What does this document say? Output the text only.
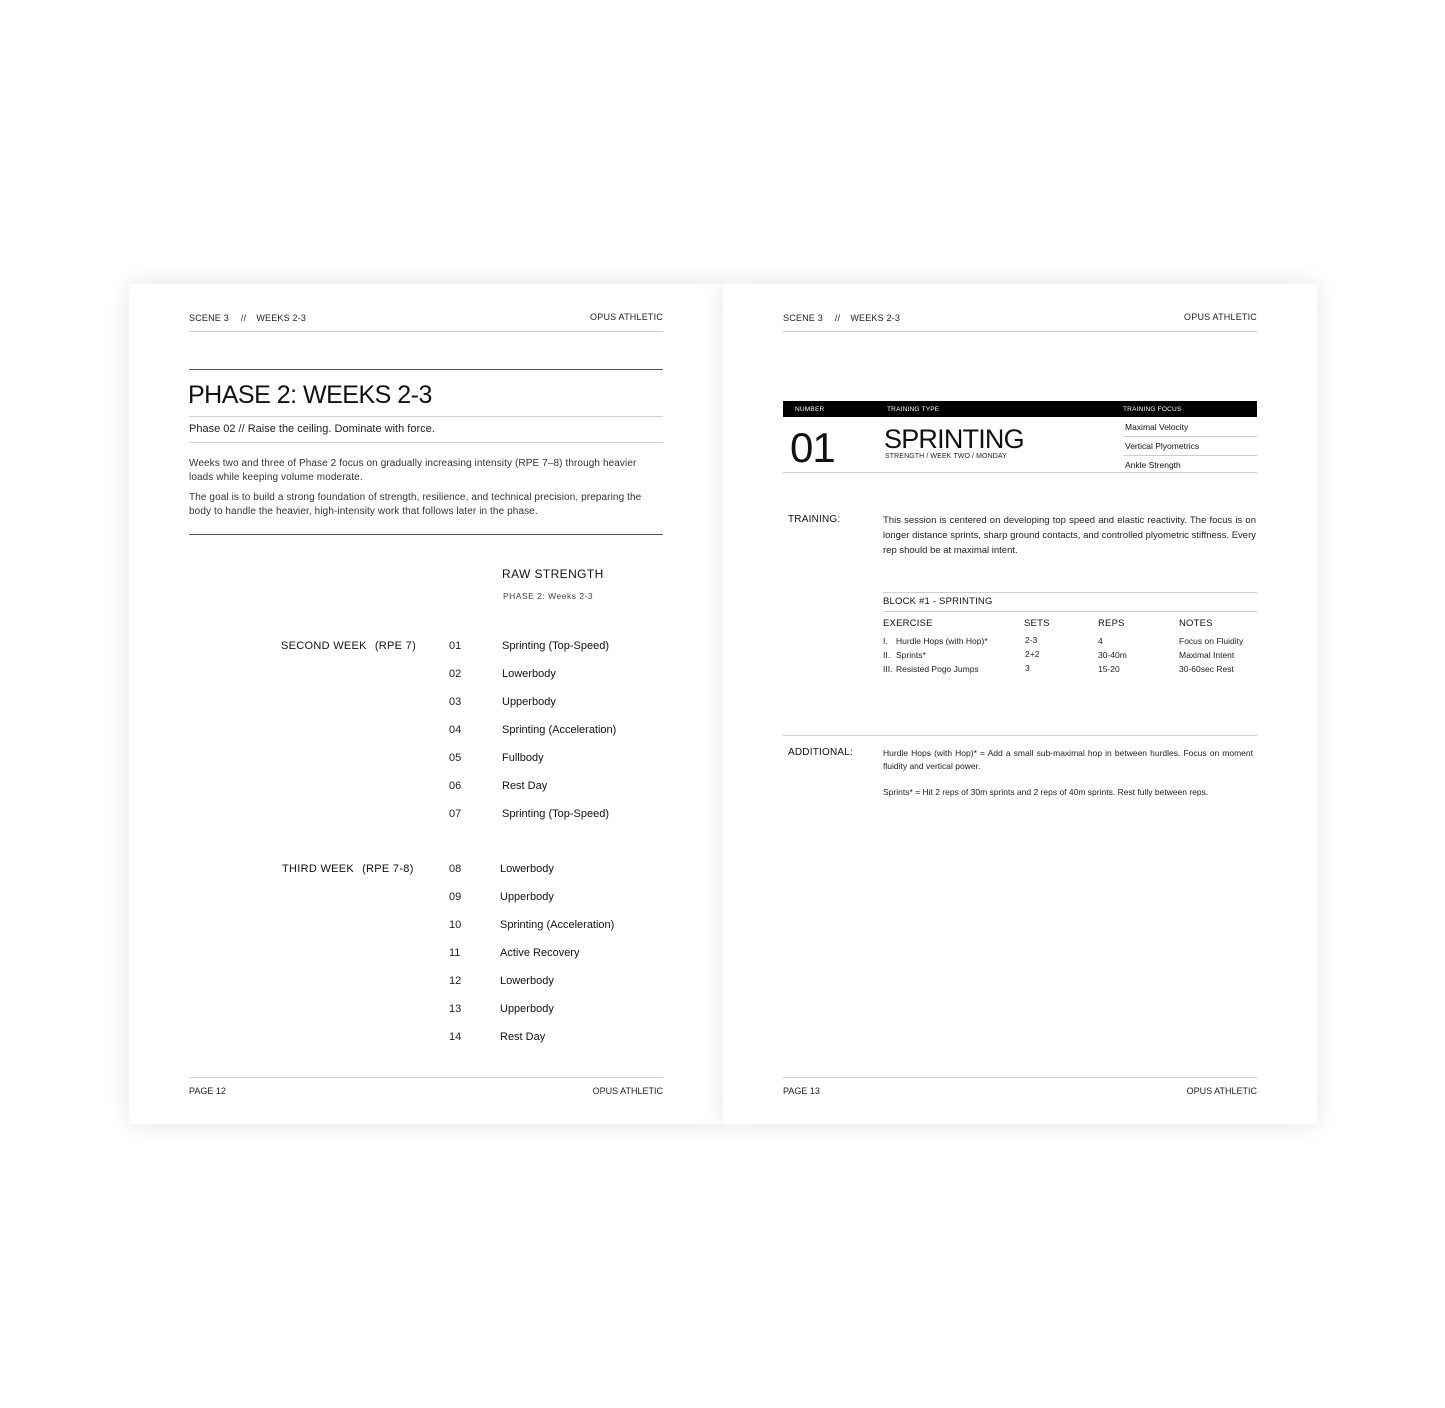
SCENE 3 // WEEKS 2-3	OPUS ATHLETIC
PHASE 2: WEEKS 2-3
Phase 02 // Raise the ceiling. Dominate with force.

Weeks two and three of Phase 2 focus on gradually increasing intensity (RPE 7–8) through heavier loads while keeping volume moderate.

The goal is to build a strong foundation of strength, resilience, and technical precision, preparing the body to handle the heavier, high-intensity work that follows later in the phase.

RAW STRENGTH
PHASE 2: Weeks 2-3
SECOND WEEK (RPE 7)	01	Sprinting (Top-Speed)
02	Lowerbody
03	Upperbody
04	Sprinting (Acceleration)
05	Fullbody
06	Rest Day
07	Sprinting (Top-Speed)
THIRD WEEK (RPE 7-8)	08	Lowerbody
09	Upperbody
10	Sprinting (Acceleration)
11	Active Recovery
12	Lowerbody
13	Upperbody
14	Rest Day
PAGE 12	OPUS ATHLETIC
SCENE 3 // WEEKS 2-3	OPUS ATHLETIC
NUMBER	TRAINING TYPE	TRAINING FOCUS
01 SPRINTING
STRENGTH / WEEK TWO / MONDAY
Maximal Velocity
Vertical Plyometrics
Ankle Strength
TRAINING:	This session is centered on developing top speed and elastic reactivity. The focus is on longer distance sprints, sharp ground contacts, and controlled plyometric stiffness. Every rep should be at maximal intent.

BLOCK #1 - SPRINTING
EXERCISE	SETS	REPS	NOTES
I. Hurdle Hops (with Hop)*	2-3	4	Focus on Fluidity
II. Sprints*	2+2	30-40m	Maximal Intent
III. Resisted Pogo Jumps	3	15-20	30-60sec Rest
ADDITIONAL:	Hurdle Hops (with Hop)* = Add a small sub-maximal hop in between hurdles. Focus on moment fluidity and vertical power.

Sprints* = Hit 2 reps of 30m sprints and 2 reps of 40m sprints. Rest fully between reps.

PAGE 13	OPUS ATHLETIC
